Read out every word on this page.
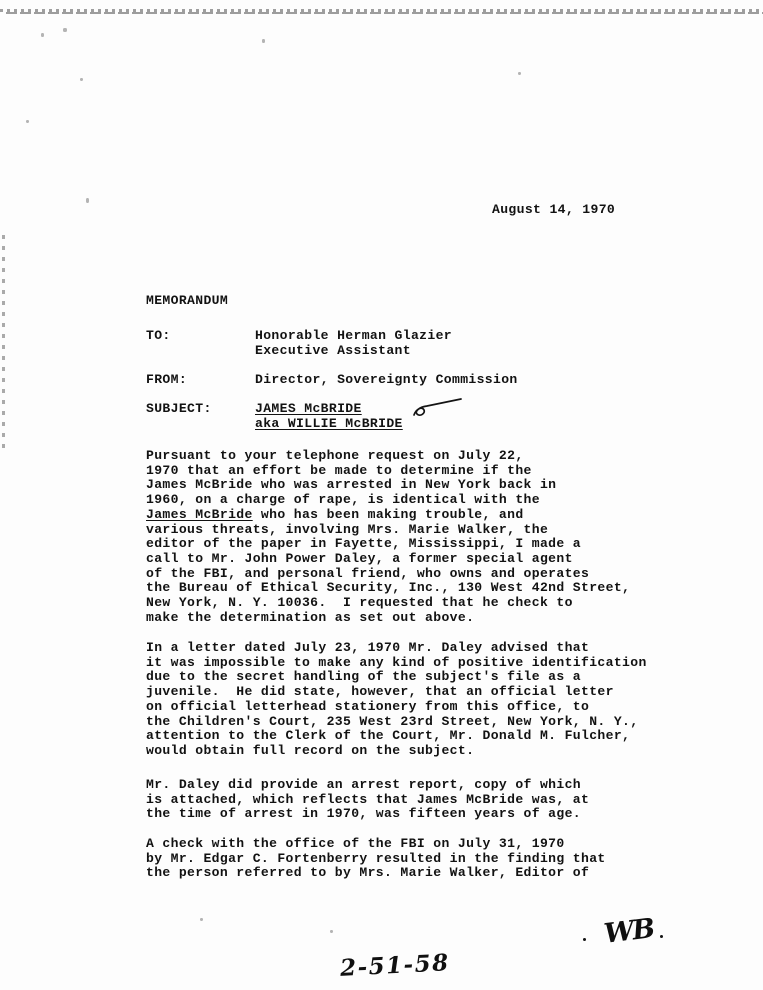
August 14, 1970
MEMORANDUM
TO:	Honorable Herman Glazier
Executive Assistant
FROM:	Director, Sovereignty Commission
SUBJECT:	JAMES McBRIDE
aka WILLIE McBRIDE
Pursuant to your telephone request on July 22,
1970 that an effort be made to determine if the
James McBride who was arrested in New York back in
1960, on a charge of rape, is identical with the
James McBride who has been making trouble, and
various threats, involving Mrs. Marie Walker, the
editor of the paper in Fayette, Mississippi, I made a
call to Mr. John Power Daley, a former special agent
of the FBI, and personal friend, who owns and operates
the Bureau of Ethical Security, Inc., 130 West 42nd Street,
New York, N. Y. 10036.  I requested that he check to
make the determination as set out above.
In a letter dated July 23, 1970 Mr. Daley advised that
it was impossible to make any kind of positive identification
due to the secret handling of the subject's file as a
juvenile.  He did state, however, that an official letter
on official letterhead stationery from this office, to
the Children's Court, 235 West 23rd Street, New York, N. Y.,
attention to the Clerk of the Court, Mr. Donald M. Fulcher,
would obtain full record on the subject.
Mr. Daley did provide an arrest report, copy of which
is attached, which reflects that James McBride was, at
the time of arrest in 1970, was fifteen years of age.
A check with the office of the FBI on July 31, 1970
by Mr. Edgar C. Fortenberry resulted in the finding that
the person referred to by Mrs. Marie Walker, Editor of
WB
2-51-58
